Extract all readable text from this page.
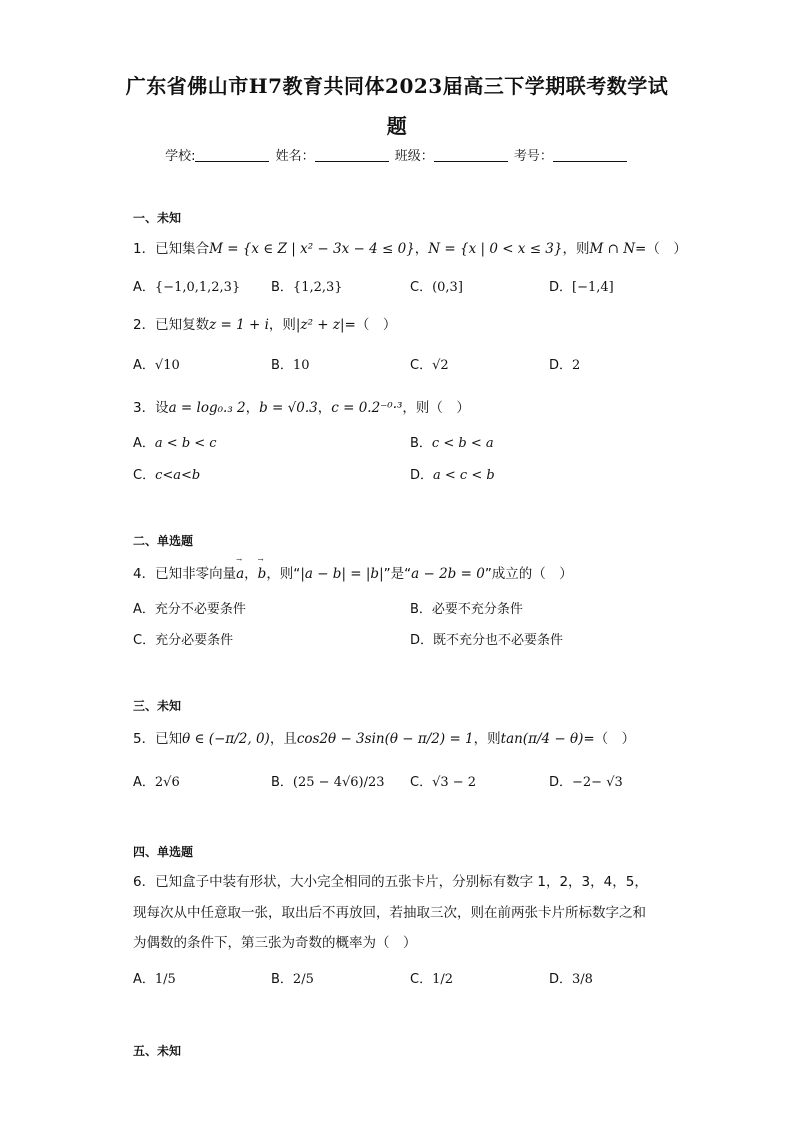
广东省佛山市H7教育共同体2023届高三下学期联考数学试
题
学校:	姓名：	班级：	考号：
一、未知
1．已知集合M = {x ∈ Z | x² − 3x − 4 ≤ 0}，N = {x | 0 < x ≤ 3}，则M ∩ N=（　）
A．{−1,0,1,2,3} B．{1,2,3}	C．(0,3]	D．[−1,4]
2．已知复数z = 1 + i，则|z² + z|=（　）
A．√10	B．10	C．√2	D．2
3．设a = log₀.₃ 2，b = √0.3，c = 0.2⁻⁰·³，则（　）
A．a < b < c	B．c < b < a
C．c<a<b	D．a < c < b
二、单选题
4．已知非零向量→ a，→ b，则“|a − b| = |b|”是“a − 2b = 0”成立的（　）
A．充分不必要条件	B．必要不充分条件
C．充分必要条件	D．既不充分也不必要条件
三、未知
5．已知θ ∈ (−π/2, 0)，且cos2θ − 3sin(θ − π/2) = 1，则tan(π/4 − θ)=（　）
A．2√6	B．(25 − 4√6)/23 C．√3 − 2	D．−2− √3
四、单选题
6．已知盒子中装有形状，大小完全相同的五张卡片，分别标有数字 1，2，3，4，5，
现每次从中任意取一张，取出后不再放回，若抽取三次，则在前两张卡片所标数字之和
为偶数的条件下，第三张为奇数的概率为（　）
A．1/5	B．2/5	C．1/2	D．3/8
五、未知
